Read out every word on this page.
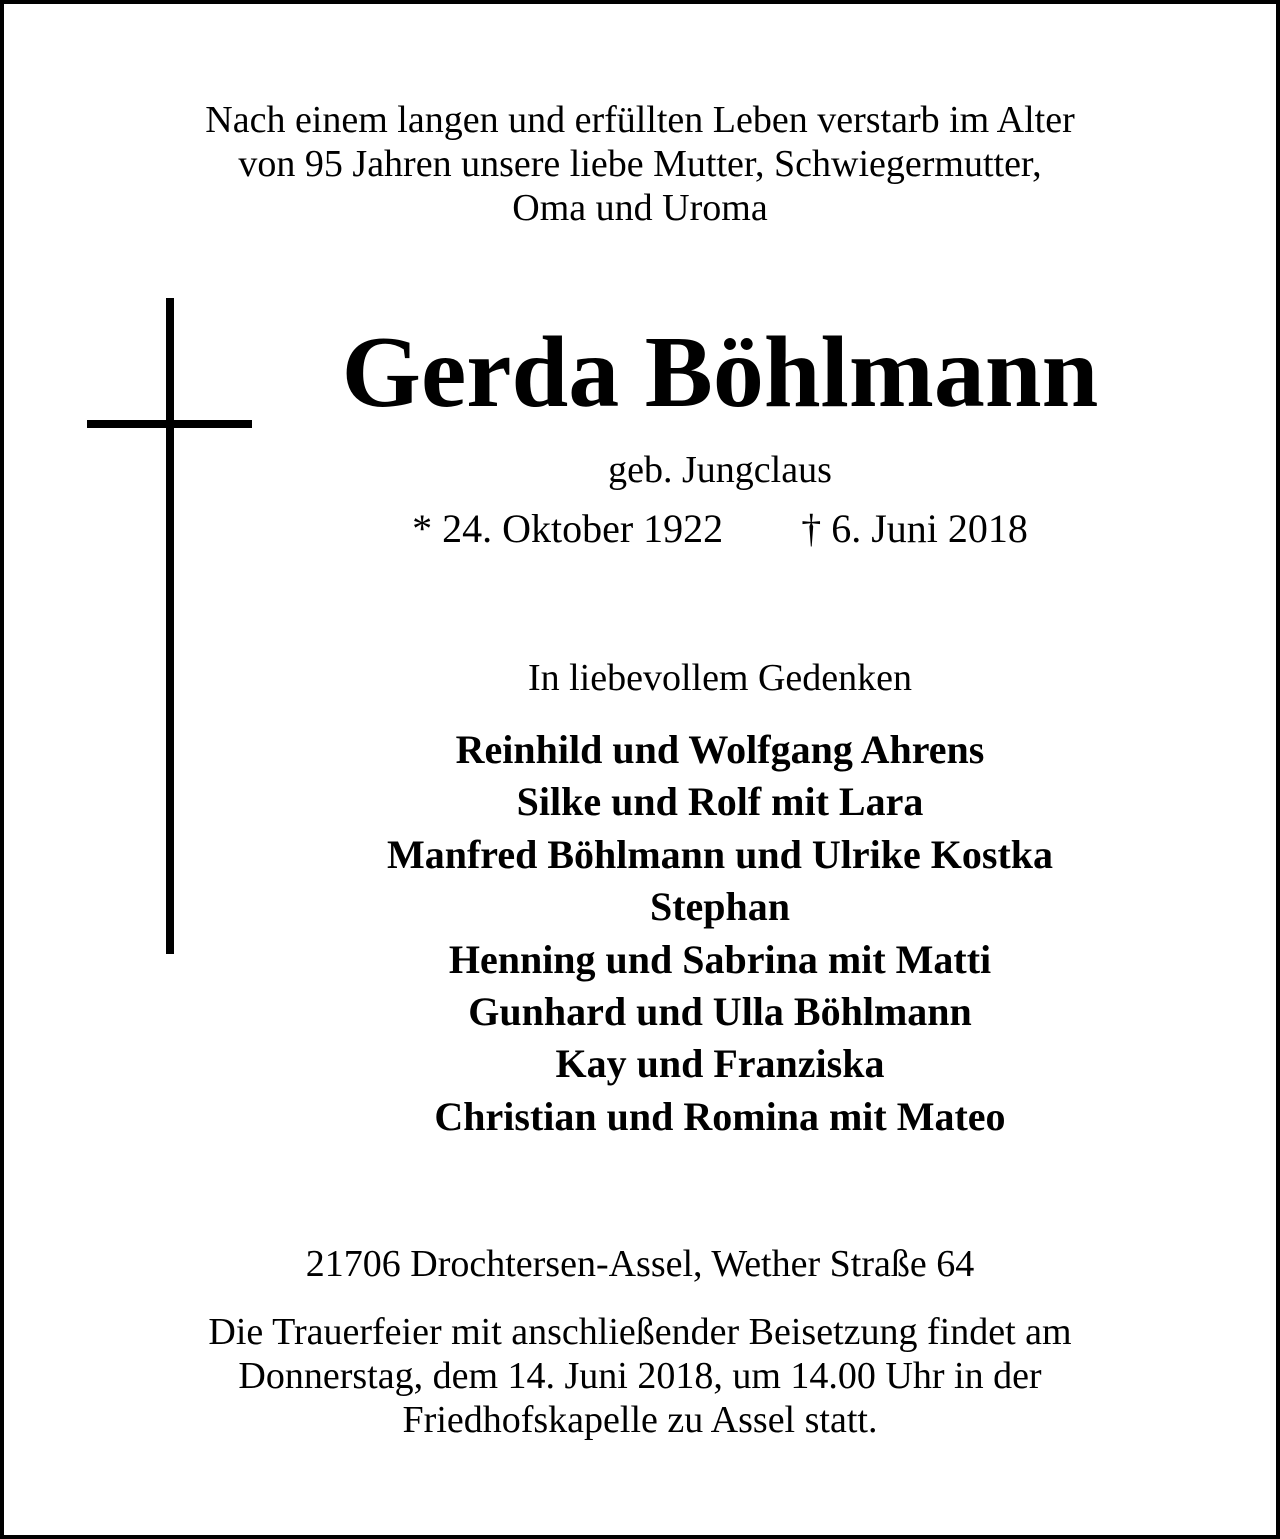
Nach einem langen und erfüllten Leben verstarb im Alter
von 95 Jahren unsere liebe Mutter, Schwiegermutter,
Oma und Uroma
Gerda Böhlmann
geb. Jungclaus
* 24. Oktober 1922 † 6. Juni 2018
In liebevollem Gedenken
Reinhild und Wolfgang Ahrens
Silke und Rolf mit Lara
Manfred Böhlmann und Ulrike Kostka
Stephan
Henning und Sabrina mit Matti
Gunhard und Ulla Böhlmann
Kay und Franziska
Christian und Romina mit Mateo
21706 Drochtersen-Assel, Wether Straße 64
Die Trauerfeier mit anschließender Beisetzung findet am
Donnerstag, dem 14. Juni 2018, um 14.00 Uhr in der
Friedhofskapelle zu Assel statt.
